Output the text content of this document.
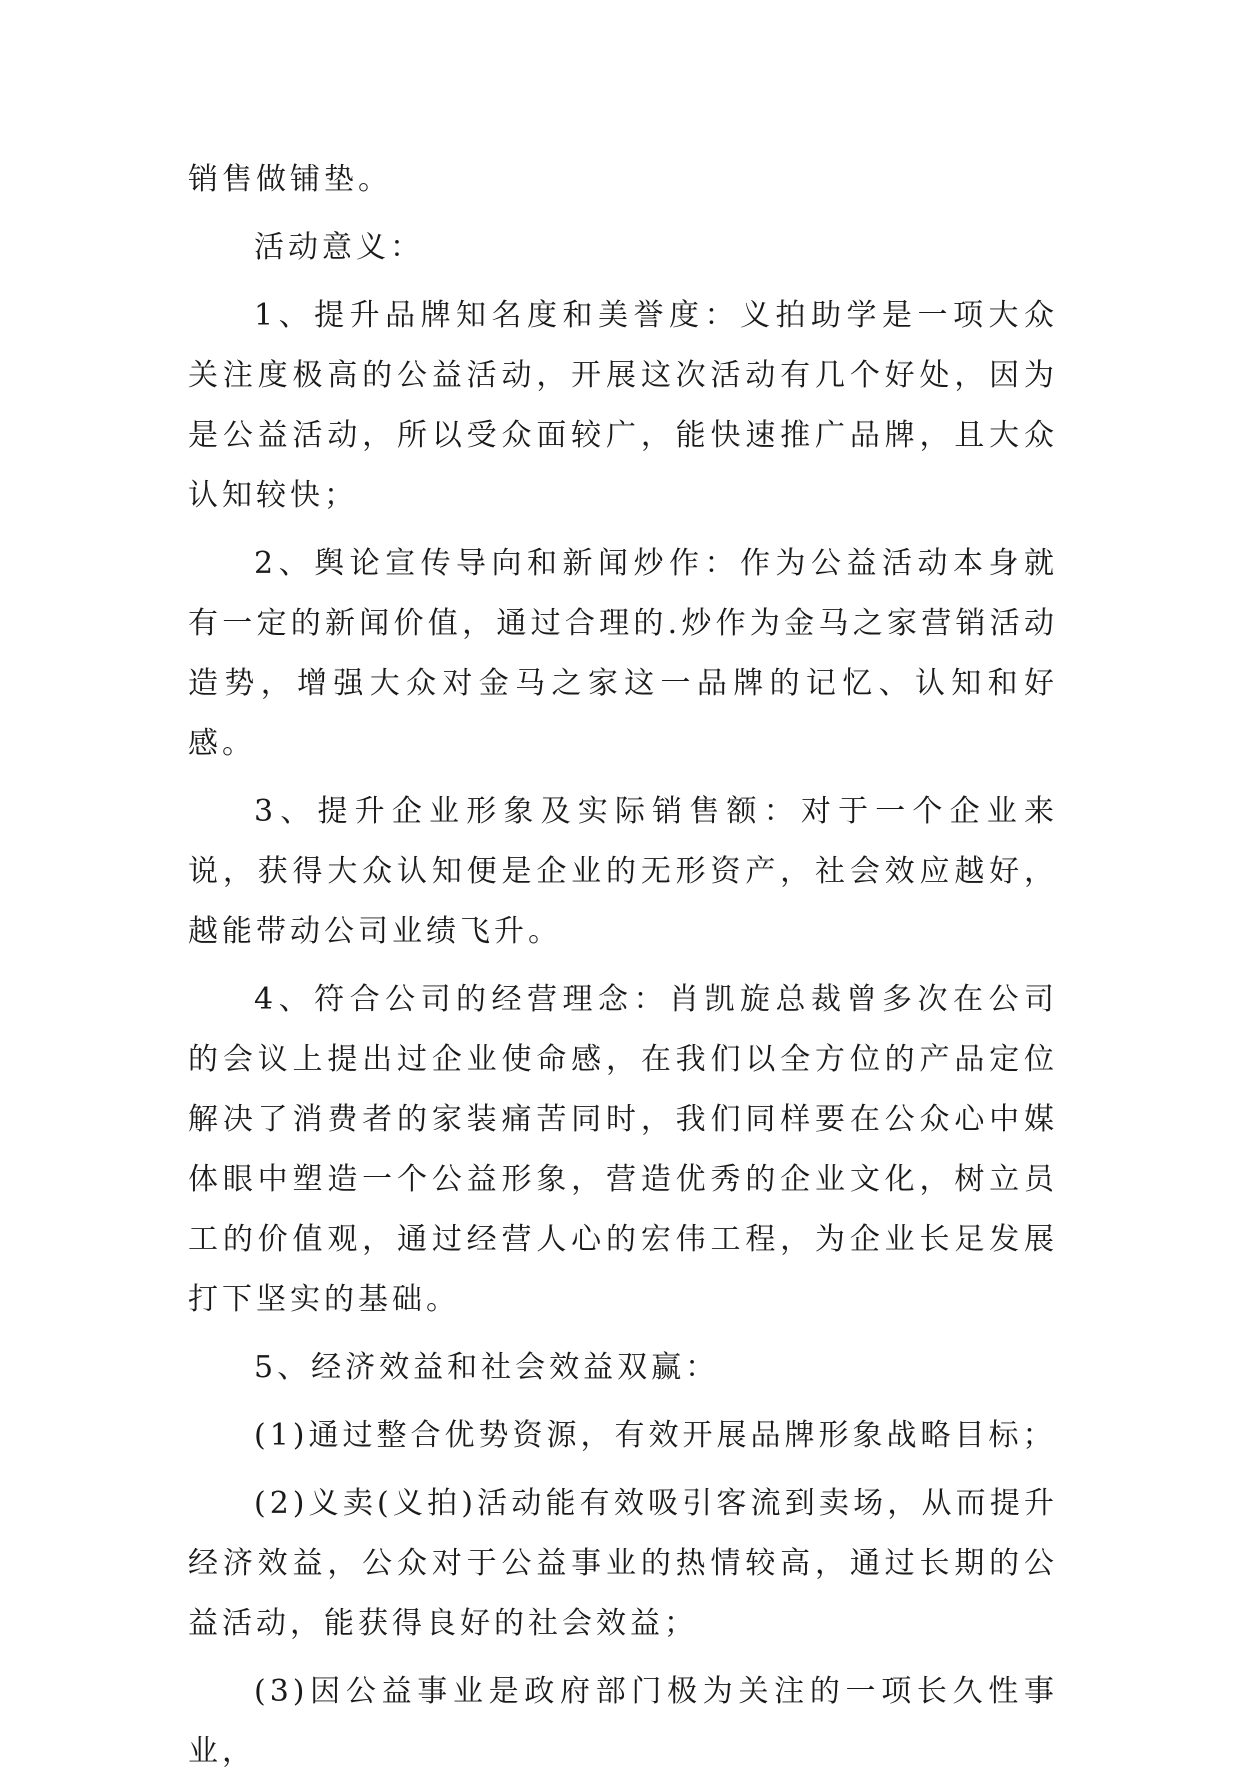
销售做铺垫。

活动意义：

1、提升品牌知名度和美誉度：义拍助学是一项大众关注度极高的公益活动，开展这次活动有几个好处，因为是公益活动，所以受众面较广，能快速推广品牌，且大众认知较快；

2、舆论宣传导向和新闻炒作：作为公益活动本身就有一定的新闻价值，通过合理的.炒作为金马之家营销活动造势，增强大众对金马之家这一品牌的记忆、认知和好感。

3、提升企业形象及实际销售额：对于一个企业来说，获得大众认知便是企业的无形资产，社会效应越好，越能带动公司业绩飞升。

4、符合公司的经营理念：肖凯旋总裁曾多次在公司的会议上提出过企业使命感，在我们以全方位的产品定位解决了消费者的家装痛苦同时，我们同样要在公众心中媒体眼中塑造一个公益形象，营造优秀的企业文化，树立员工的价值观，通过经营人心的宏伟工程，为企业长足发展打下坚实的基础。

5、经济效益和社会效益双赢：

(1)通过整合优势资源，有效开展品牌形象战略目标；

(2)义卖(义拍)活动能有效吸引客流到卖场，从而提升经济效益，公众对于公益事业的热情较高，通过长期的公益活动，能获得良好的社会效益；

(3)因公益事业是政府部门极为关注的一项长久性事业，
